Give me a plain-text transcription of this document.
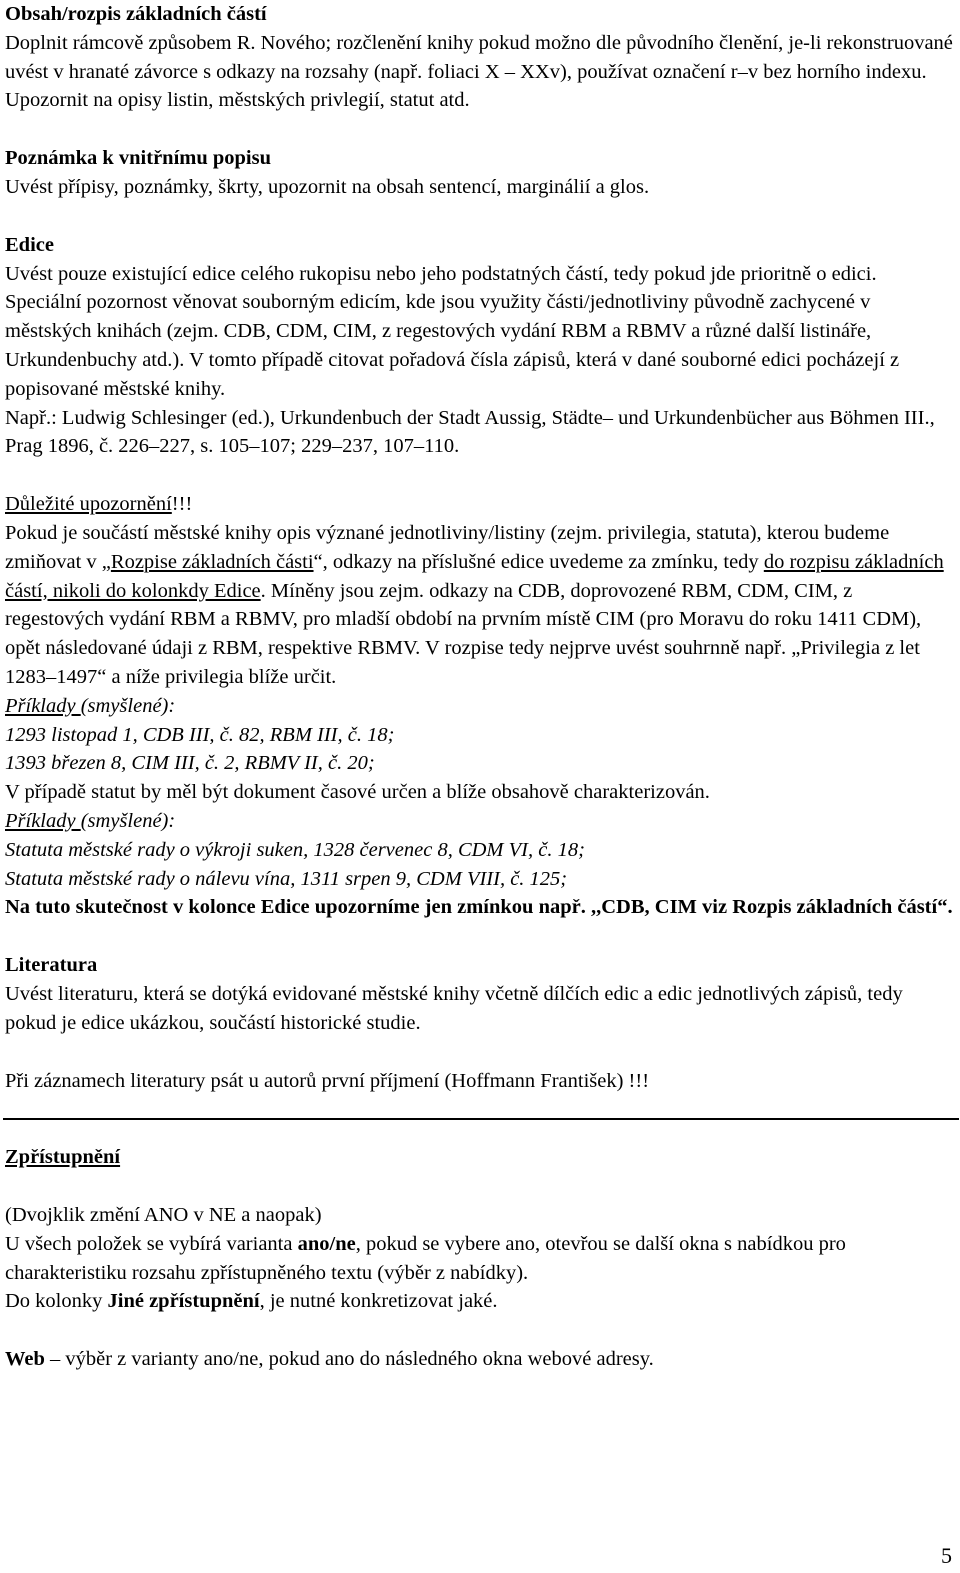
Obsah/rozpis základních částí
Doplnit rámcově způsobem R. Nového; rozčlenění knihy pokud možno dle původního členění, je-li rekonstruované uvést v hranaté závorce s odkazy na rozsahy (např. foliaci X – XXv), používat označení r–v bez horního indexu. Upozornit na opisy listin, městských privlegií, statut atd.
Poznámka k vnitřnímu popisu
Uvést přípisy, poznámky, škrty, upozornit na obsah sentencí, marginálií a glos.
Edice
Uvést pouze existující edice celého rukopisu nebo jeho podstatných částí, tedy pokud jde prioritně o edici.
Speciální pozornost věnovat souborným edicím, kde jsou využity části/jednotliviny původně zachycené v městských knihách (zejm. CDB, CDM, CIM, z regestových vydání RBM a RBMV a různé další listináře, Urkundenbuchy atd.). V tomto případě citovat pořadová čísla zápisů, která v dané souborné edici pocházejí z popisované městské knihy.
Např.: Ludwig Schlesinger (ed.), Urkundenbuch der Stadt Aussig, Städte– und Urkundenbücher aus Böhmen III., Prag 1896, č. 226–227, s. 105–107; 229–237, 107–110.
Důležité upozornění!!!
Pokud je součástí městské knihy opis význané jednotliviny/listiny (zejm. privilegia, statuta), kterou budeme zmiňovat v „Rozpise základních části“, odkazy na příslušné edice uvedeme za zmínku, tedy do rozpisu základních částí, nikoli do kolonkdy Edice. Míněny jsou zejm. odkazy na CDB, doprovozené RBM, CDM, CIM, z regestových vydání RBM a RBMV, pro mladší období na prvním místě CIM (pro Moravu do roku 1411 CDM), opět následované údaji z RBM, respektive RBMV. V rozpise tedy nejprve uvést souhrnně např. „Privilegia z let 1283–1497“ a níže privilegia blíže určit.
Příklady (smyšlené):
1293 listopad 1, CDB III, č. 82, RBM III, č. 18;
1393 březen 8, CIM III, č. 2, RBMV II, č. 20;
V případě statut by měl být dokument časové určen a blíže obsahově charakterizován.
Příklady (smyšlené):
Statuta městské rady o výkroji suken, 1328 červenec 8, CDM VI, č. 18;
Statuta městské rady o nálevu vína, 1311 srpen 9, CDM VIII, č. 125;
Na tuto skutečnost v kolonce Edice upozorníme jen zmínkou např. ,,CDB, CIM viz Rozpis základních částí“.
Literatura
Uvést literaturu, která se dotýká evidované městské knihy včetně dílčích edic a edic jednotlivých zápisů, tedy pokud je edice ukázkou, součástí historické studie.
Při záznamech literatury psát u autorů první příjmení (Hoffmann František) !!!
Zpřístupnění
(Dvojklik změní ANO v NE a naopak)
U všech položek se vybírá varianta ano/ne, pokud se vybere ano, otevřou se další okna s nabídkou pro charakteristiku rozsahu zpřístupněného textu (výběr z nabídky).
Do kolonky Jiné zpřístupnění, je nutné konkretizovat jaké.
Web – výběr z varianty ano/ne, pokud ano do následného okna webové adresy.
5
